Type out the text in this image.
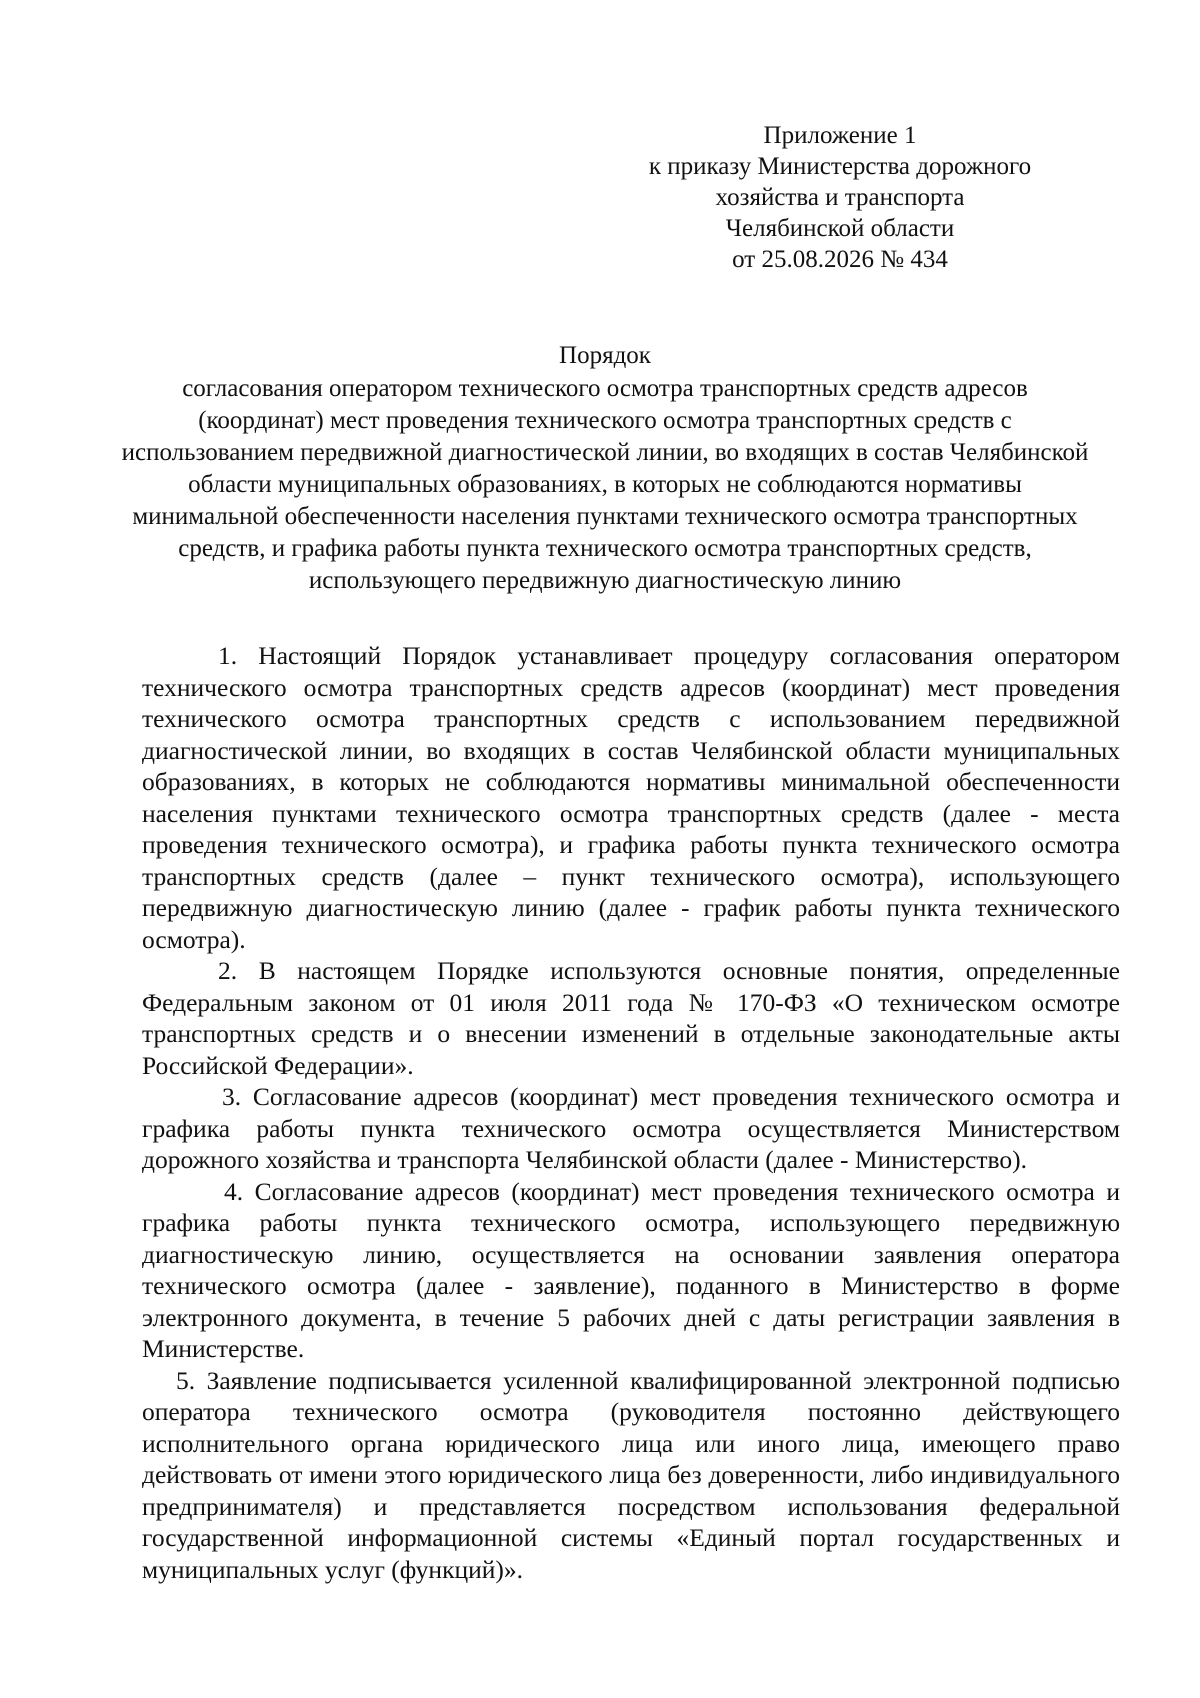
Приложение 1
к приказу Министерства дорожного
хозяйства и транспорта
Челябинской области
от 25.08.2026 № 434
Порядок
согласования оператором технического осмотра транспортных средств адресов (координат) мест проведения технического осмотра транспортных средств с использованием передвижной диагностической линии, во входящих в состав Челябинской области муниципальных образованиях, в которых не соблюдаются нормативы минимальной обеспеченности населения пунктами технического осмотра транспортных средств, и графика работы пункта технического осмотра транспортных средств, использующего передвижную диагностическую линию

1. Настоящий Порядок устанавливает процедуру согласования оператором технического осмотра транспортных средств адресов (координат) мест проведения технического осмотра транспортных средств с использованием передвижной диагностической линии, во входящих в состав Челябинской области муниципальных образованиях, в которых не соблюдаются нормативы минимальной обеспеченности населения пунктами технического осмотра транспортных средств (далее - места проведения технического осмотра), и графика работы пункта технического осмотра транспортных средств (далее – пункт технического осмотра), использующего передвижную диагностическую линию (далее - график работы пункта технического осмотра).

2. В настоящем Порядке используются основные понятия, определенные Федеральным законом от 01 июля 2011 года № 170-ФЗ «О техническом осмотре транспортных средств и о внесении изменений в отдельные законодательные акты Российской Федерации».

3. Согласование адресов (координат) мест проведения технического осмотра и графика работы пункта технического осмотра осуществляется Министерством дорожного хозяйства и транспорта Челябинской области (далее - Министерство).

4. Согласование адресов (координат) мест проведения технического осмотра и графика работы пункта технического осмотра, использующего передвижную диагностическую линию, осуществляется на основании заявления оператора технического осмотра (далее - заявление), поданного в Министерство в форме электронного документа, в течение 5 рабочих дней с даты регистрации заявления в Министерстве.

5. Заявление подписывается усиленной квалифицированной электронной подписью оператора технического осмотра (руководителя постоянно действующего исполнительного органа юридического лица или иного лица, имеющего право действовать от имени этого юридического лица без доверенности, либо индивидуального предпринимателя) и представляется посредством использования федеральной государственной информационной системы «Единый портал государственных и муниципальных услуг (функций)».
